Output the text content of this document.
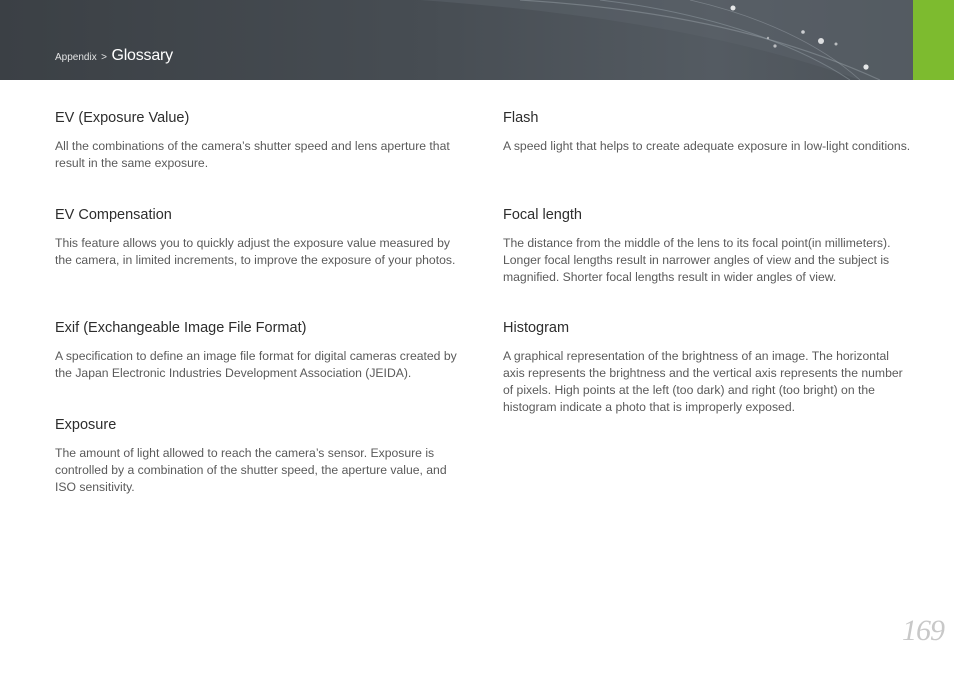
Appendix > Glossary
EV (Exposure Value)

All the combinations of the camera’s shutter speed and lens aperture that result in the same exposure.

EV Compensation

This feature allows you to quickly adjust the exposure value measured by the camera, in limited increments, to improve the exposure of your photos.

Exif (Exchangeable Image File Format)

A specification to define an image file format for digital cameras created by the Japan Electronic Industries Development Association (JEIDA).

Exposure

The amount of light allowed to reach the camera’s sensor. Exposure is controlled by a combination of the shutter speed, the aperture value, and ISO sensitivity.

Flash

A speed light that helps to create adequate exposure in low-light conditions.

Focal length

The distance from the middle of the lens to its focal point(in millimeters). Longer focal lengths result in narrower angles of view and the subject is magnified. Shorter focal lengths result in wider angles of view.

Histogram

A graphical representation of the brightness of an image. The horizontal axis represents the brightness and the vertical axis represents the number of pixels. High points at the left (too dark) and right (too bright) on the histogram indicate a photo that is improperly exposed.

169
